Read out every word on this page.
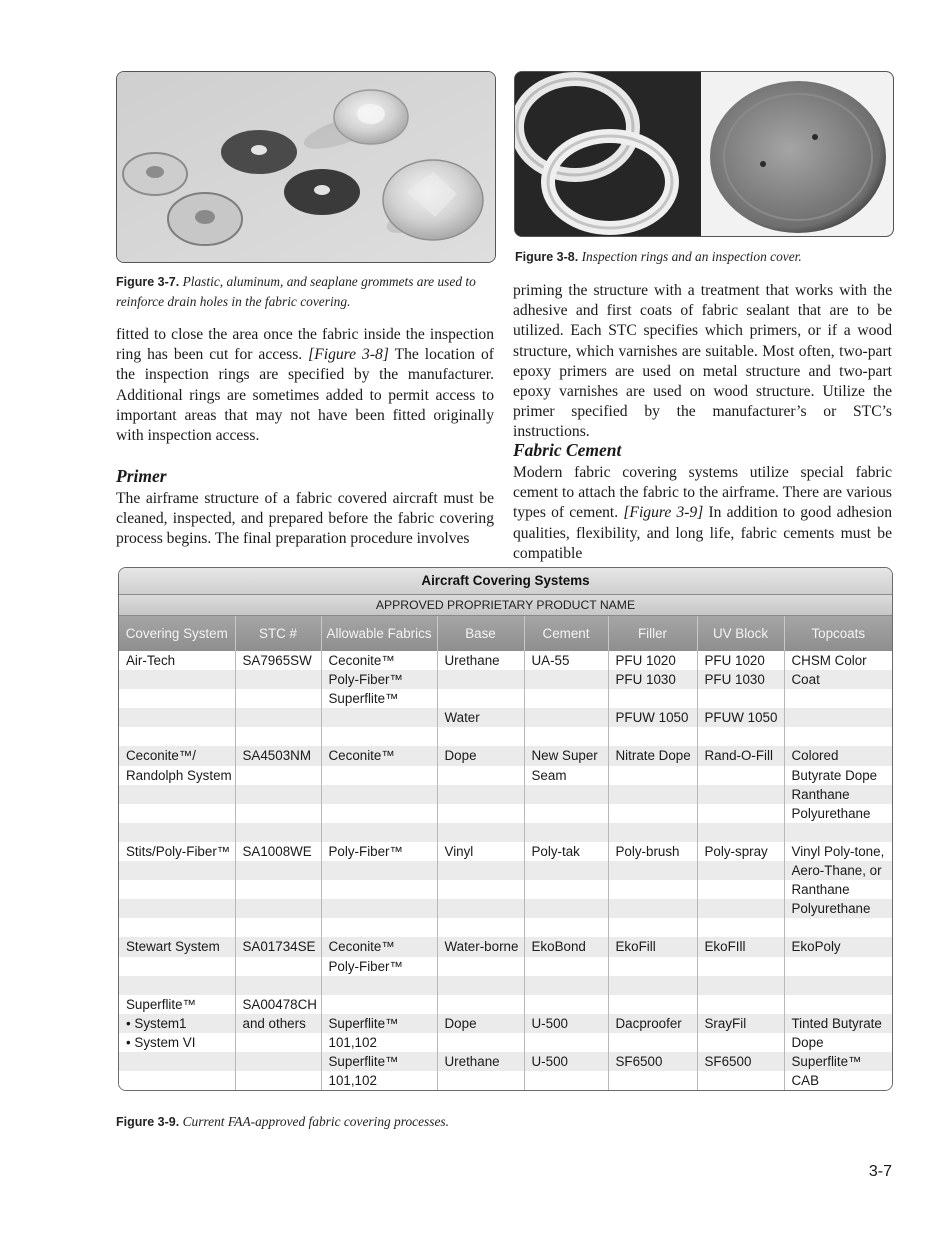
Figure 3-7. Plastic, aluminum, and seaplane grommets are used to reinforce drain holes in the fabric covering.
Figure 3-8. Inspection rings and an inspection cover.
fitted to close the area once the fabric inside the inspection ring has been cut for access. [Figure 3-8] The location of the inspection rings are specified by the manufacturer. Additional rings are sometimes added to permit access to important areas that may not have been fitted originally with inspection access.
Primer
The airframe structure of a fabric covered aircraft must be cleaned, inspected, and prepared before the fabric covering process begins. The final preparation procedure involves
priming the structure with a treatment that works with the adhesive and first coats of fabric sealant that are to be utilized. Each STC specifies which primers, or if a wood structure, which varnishes are suitable. Most often, two-part epoxy primers are used on metal structure and two-part epoxy varnishes are used on wood structure. Utilize the primer specified by the manufacturer’s or STC’s instructions.
Fabric Cement
Modern fabric covering systems utilize special fabric cement to attach the fabric to the airframe. There are various types of cement. [Figure 3-9] In addition to good adhesion qualities, flexibility, and long life, fabric cements must be compatible
Aircraft Covering Systems
APPROVED PROPRIETARY PRODUCT NAME
Covering System	STC #	Allowable Fabrics	Base	Cement	Filler	UV Block	Topcoats
Air-Tech	SA7965SW	Ceconite™	Urethane	UA-55	PFU 1020	PFU 1020	CHSM Color
		Poly-Fiber™			PFU 1030	PFU 1030	Coat
		Superflite™					
			Water		PFUW 1050	PFUW 1050	

Ceconite™/	SA4503NM	Ceconite™	Dope	New Super	Nitrate Dope	Rand-O-Fill	Colored
Randolph System				Seam			Butyrate Dope
							Ranthane
							Polyurethane

Stits/Poly-Fiber™	SA1008WE	Poly-Fiber™	Vinyl	Poly-tak	Poly-brush	Poly-spray	Vinyl Poly-tone,
							Aero-Thane, or
							Ranthane
							Polyurethane

Stewart System	SA01734SE	Ceconite™	Water-borne	EkoBond	EkoFill	EkoFIll	EkoPoly
		Poly-Fiber™					

Superflite™	SA00478CH						
• System1	and others	Superflite™	Dope	U-500	Dacproofer	SrayFil	Tinted Butyrate
• System VI		101,102					Dope
		Superflite™	Urethane	U-500	SF6500	SF6500	Superflite™
		101,102					CAB
Figure 3-9. Current FAA-approved fabric covering processes.
3-7
